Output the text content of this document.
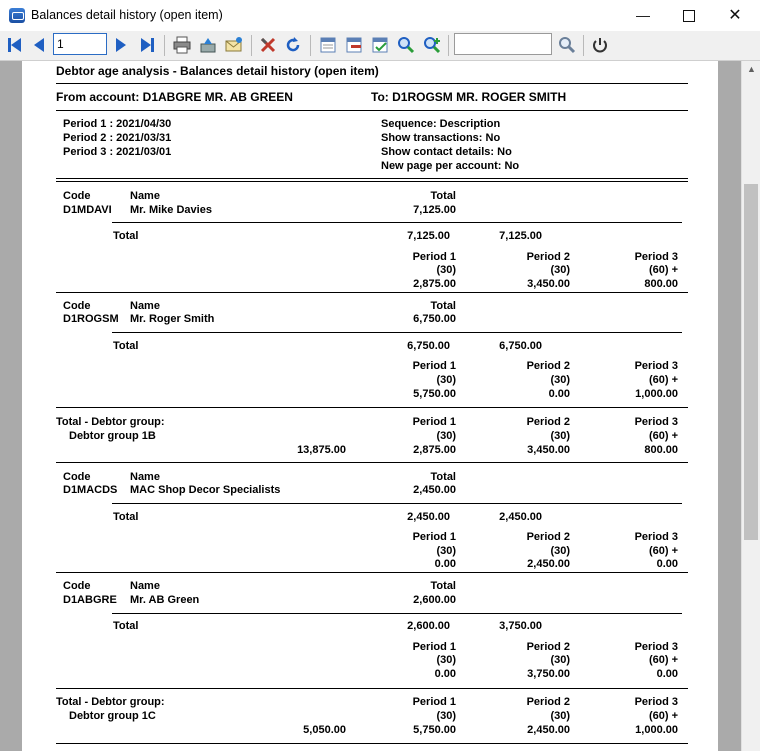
Balances detail history (open item)	—	✕
1
▲
Debtor age analysis - Balances detail history (open item)
From account: D1ABGRE MR. AB GREEN	To: D1ROGSM MR. ROGER SMITH
Period 1 : 2021/04/30
Period 2 : 2021/03/31
Period 3 : 2021/03/01
Sequence: Description
Show transactions: No
Show contact details: No
New page per account: No
Code	Name	Total
D1MDAVI Mr. Mike Davies	7,125.00
Total	7,125.00	7,125.00
Period 1	Period 2	Period 3
(30)	(30)	(60) +
2,875.00	3,450.00	800.00
Code	Name	Total
D1ROGSM Mr. Roger Smith	6,750.00
Total	6,750.00	6,750.00
Period 1	Period 2	Period 3
(30)	(30)	(60) +
5,750.00	0.00	1,000.00
Total - Debtor group:
Debtor group 1B
Period 1	Period 2	Period 3
(30)	(30)	(60) +
13,875.00	2,875.00	3,450.00	800.00
Code	Name	Total
D1MACDS MAC Shop Decor Specialists	2,450.00
Total	2,450.00	2,450.00
Period 1	Period 2	Period 3
(30)	(30)	(60) +
0.00	2,450.00	0.00
Code	Name	Total
D1ABGRE Mr. AB Green	2,600.00
Total	2,600.00	3,750.00
Period 1	Period 2	Period 3
(30)	(30)	(60) +
0.00	3,750.00	0.00
Total - Debtor group:
Debtor group 1C
Period 1	Period 2	Period 3
(30)	(30)	(60) +
5,050.00	5,750.00	2,450.00	1,000.00
